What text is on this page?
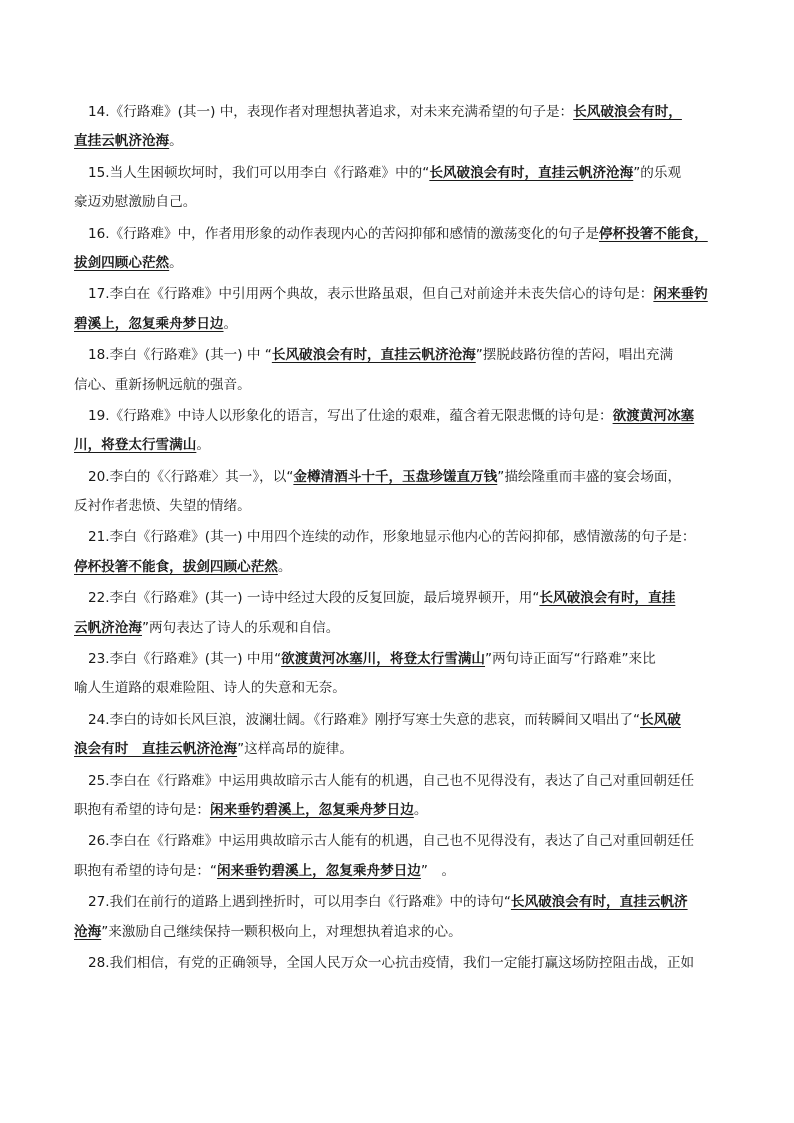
14.《行路难》(其一) 中，表现作者对理想执著追求，对未来充满希望的句子是：长风破浪会有时，
直挂云帆济沧海。
15.当人生困顿坎坷时，我们可以用李白《行路难》中的“长风破浪会有时，直挂云帆济沧海”的乐观
豪迈劝慰激励自己。
16.《行路难》中，作者用形象的动作表现内心的苦闷抑郁和感情的激荡变化的句子是停杯投箸不能食，
拔剑四顾心茫然。
17.李白在《行路难》中引用两个典故，表示世路虽艰，但自己对前途并未丧失信心的诗句是：闲来垂钓
碧溪上，忽复乘舟梦日边。
18.李白《行路难》(其一) 中 “长风破浪会有时，直挂云帆济沧海”摆脱歧路彷徨的苦闷，唱出充满
信心、重新扬帆远航的强音。
19.《行路难》中诗人以形象化的语言，写出了仕途的艰难，蕴含着无限悲慨的诗句是：欲渡黄河冰塞
川，将登太行雪满山。
20.李白的《〈行路难〉其一》，以“金樽清酒斗十千，玉盘珍馐直万钱”描绘隆重而丰盛的宴会场面，
反衬作者悲愤、失望的情绪。
21.李白《行路难》(其一) 中用四个连续的动作，形象地显示他内心的苦闷抑郁，感情激荡的句子是：
停杯投箸不能食，拔剑四顾心茫然。
22.李白《行路难》(其一) 一诗中经过大段的反复回旋，最后境界顿开，用“长风破浪会有时，直挂
云帆济沧海”两句表达了诗人的乐观和自信。
23.李白《行路难》(其一) 中用“欲渡黄河冰塞川，将登太行雪满山”两句诗正面写“行路难”来比
喻人生道路的艰难险阻、诗人的失意和无奈。
24.李白的诗如长风巨浪，波澜壮阔。《行路难》刚抒写寒士失意的悲哀，而转瞬间又唱出了“长风破
浪会有时　直挂云帆济沧海”这样高昂的旋律。
25.李白在《行路难》中运用典故暗示古人能有的机遇，自己也不见得没有，表达了自己对重回朝廷任
职抱有希望的诗句是：闲来垂钓碧溪上，忽复乘舟梦日边。
26.李白在《行路难》中运用典故暗示古人能有的机遇，自己也不见得没有，表达了自己对重回朝廷任
职抱有希望的诗句是：“闲来垂钓碧溪上，忽复乘舟梦日边”　。
27.我们在前行的道路上遇到挫折时，可以用李白《行路难》中的诗句“长风破浪会有时，直挂云帆济
沧海”来激励自己继续保持一颗积极向上，对理想执着追求的心。
28.我们相信，有党的正确领导，全国人民万众一心抗击疫情，我们一定能打赢这场防控阻击战，正如
